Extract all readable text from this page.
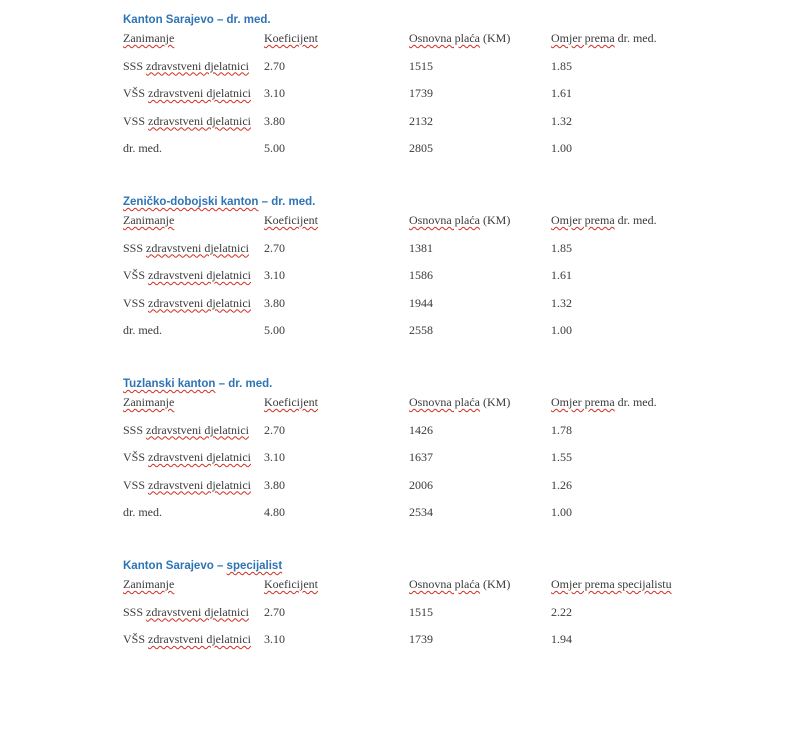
Kanton Sarajevo – dr. med.
Zanimanje	Koeficijent	Osnovna plaća (KM)	Omjer prema dr. med.
SSS zdravstveni djelatnici	2.70	1515	1.85
VŠS zdravstveni djelatnici	3.10	1739	1.61
VSS zdravstveni djelatnici	3.80	2132	1.32
dr. med.	5.00	2805	1.00
Zeničko-dobojski kanton – dr. med.
Zanimanje	Koeficijent	Osnovna plaća (KM)	Omjer prema dr. med.
SSS zdravstveni djelatnici	2.70	1381	1.85
VŠS zdravstveni djelatnici	3.10	1586	1.61
VSS zdravstveni djelatnici	3.80	1944	1.32
dr. med.	5.00	2558	1.00
Tuzlanski kanton – dr. med.
Zanimanje	Koeficijent	Osnovna plaća (KM)	Omjer prema dr. med.
SSS zdravstveni djelatnici	2.70	1426	1.78
VŠS zdravstveni djelatnici	3.10	1637	1.55
VSS zdravstveni djelatnici	3.80	2006	1.26
dr. med.	4.80	2534	1.00
Kanton Sarajevo – specijalist
Zanimanje	Koeficijent	Osnovna plaća (KM)	Omjer prema specijalistu
SSS zdravstveni djelatnici	2.70	1515	2.22
VŠS zdravstveni djelatnici	3.10	1739	1.94
